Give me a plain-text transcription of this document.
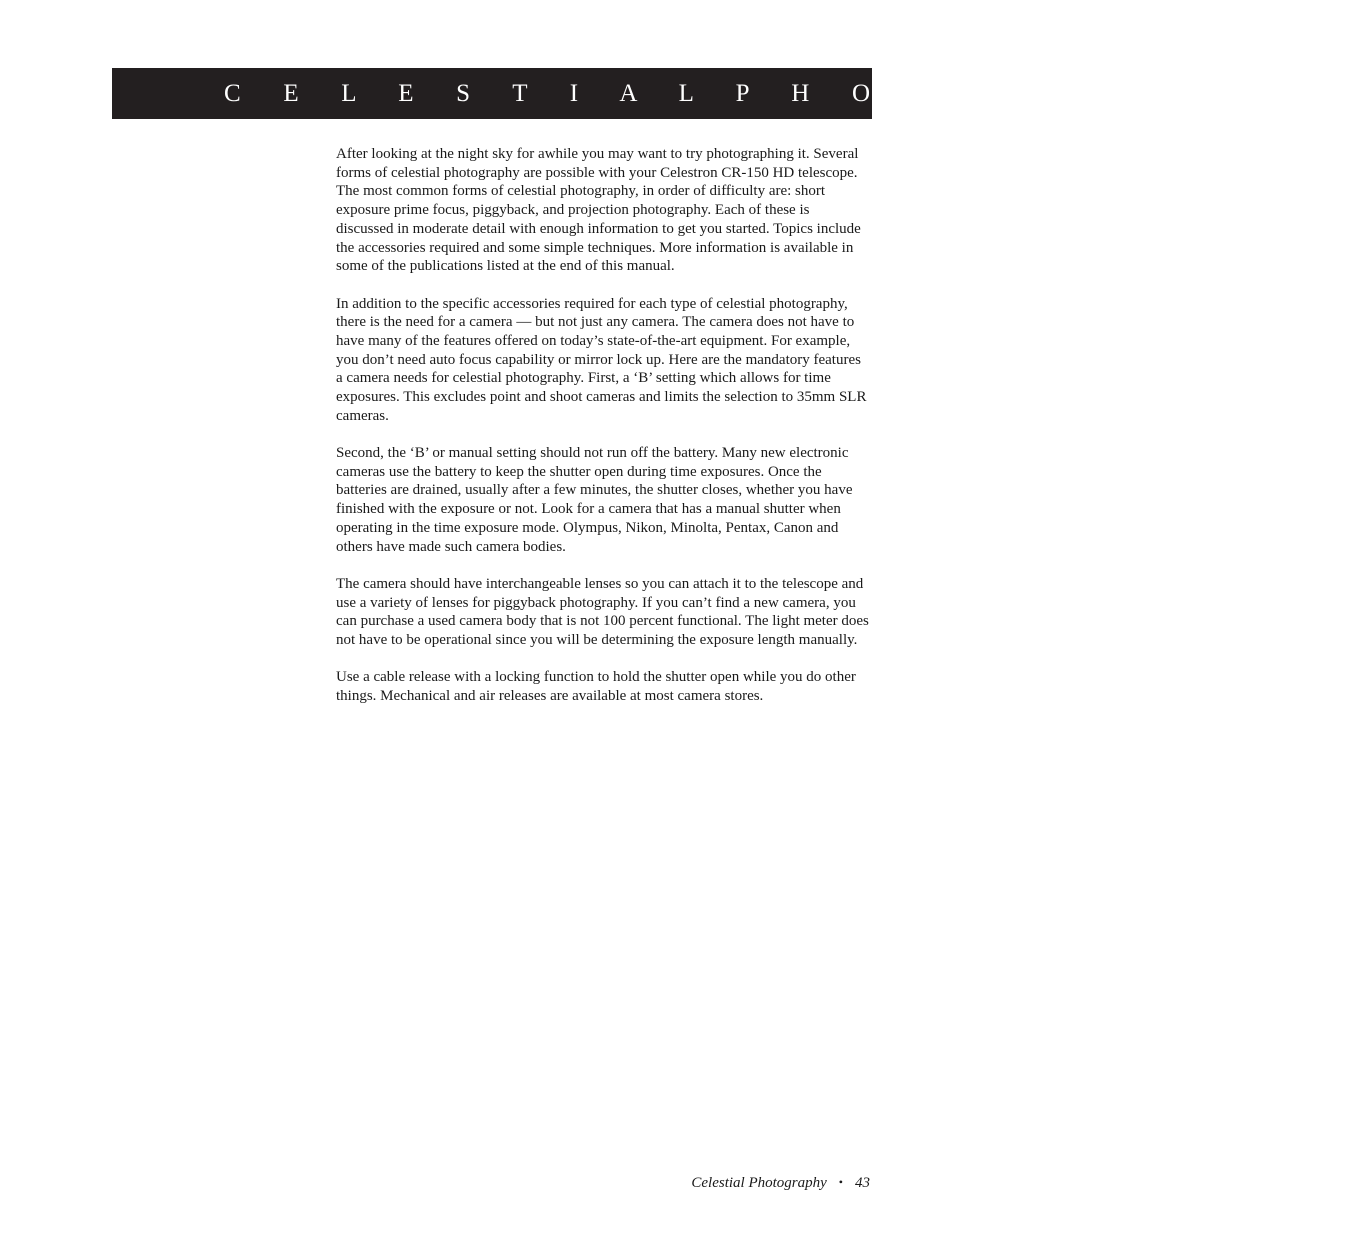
C E L E S T I A L P H O T O G R A P H Y

After looking at the night sky for awhile you may want to try photographing it. Several forms of celestial photography are possible with your Celestron CR-150 HD telescope. The most common forms of celestial photography, in order of difficulty are: short exposure prime focus, piggyback, and projection photography. Each of these is discussed in moderate detail with enough information to get you started. Topics include the accessories required and some simple techniques. More information is available in some of the publications listed at the end of this manual.

In addition to the specific accessories required for each type of celestial photography, there is the need for a camera — but not just any camera. The camera does not have to have many of the features offered on today’s state-of-the-art equipment. For example, you don’t need auto focus capability or mirror lock up. Here are the mandatory features a camera needs for celestial photography. First, a ‘B’ setting which allows for time exposures. This excludes point and shoot cameras and limits the selection to 35mm SLR cameras.

Second, the ‘B’ or manual setting should not run off the battery. Many new electronic cameras use the battery to keep the shutter open during time exposures. Once the batteries are drained, usually after a few minutes, the shutter closes, whether you have finished with the exposure or not. Look for a camera that has a manual shutter when operating in the time exposure mode. Olympus, Nikon, Minolta, Pentax, Canon and others have made such camera bodies.

The camera should have interchangeable lenses so you can attach it to the telescope and use a variety of lenses for piggyback photography. If you can’t find a new camera, you can purchase a used camera body that is not 100 percent functional. The light meter does not have to be operational since you will be determining the exposure length manually.

Use a cable release with a locking function to hold the shutter open while you do other things. Mechanical and air releases are available at most camera stores.

Celestial Photography • 43
